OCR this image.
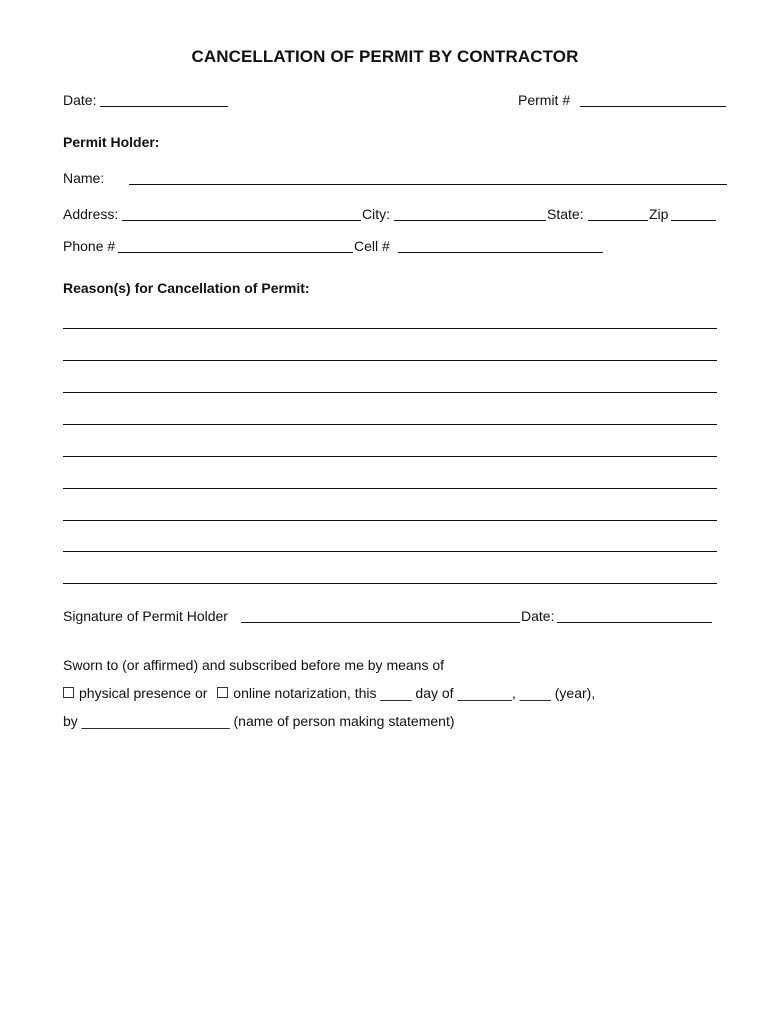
CANCELLATION OF PERMIT BY CONTRACTOR
Date:	Permit #
Permit Holder:
Name:
Address:	City:	State:	Zip
Phone #	Cell #
Reason(s) for Cancellation of Permit:
Signature of Permit Holder	Date:
Sworn to (or affirmed) and subscribed before me by means of
physical presence or online notarization, this ____ day of _______, ____ (year),
by ___________________ (name of person making statement)
